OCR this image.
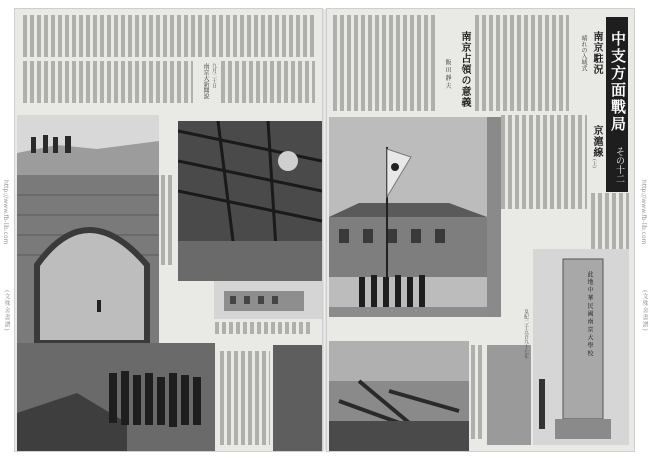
http://www.fb-lib.com
(文殊舍書譜)
http://www.fb-lib.com
(文殊舍書譜)
南京大新聞說 九月二十日	中支方面戰局
その十二
南京占領の意義
飯 田 靜 夫	南京駐況
晴れの入城式
京滬線
(上)
此 地 中 華 民 國 南 京 大 學 校
皇紀二千五百九十七年
